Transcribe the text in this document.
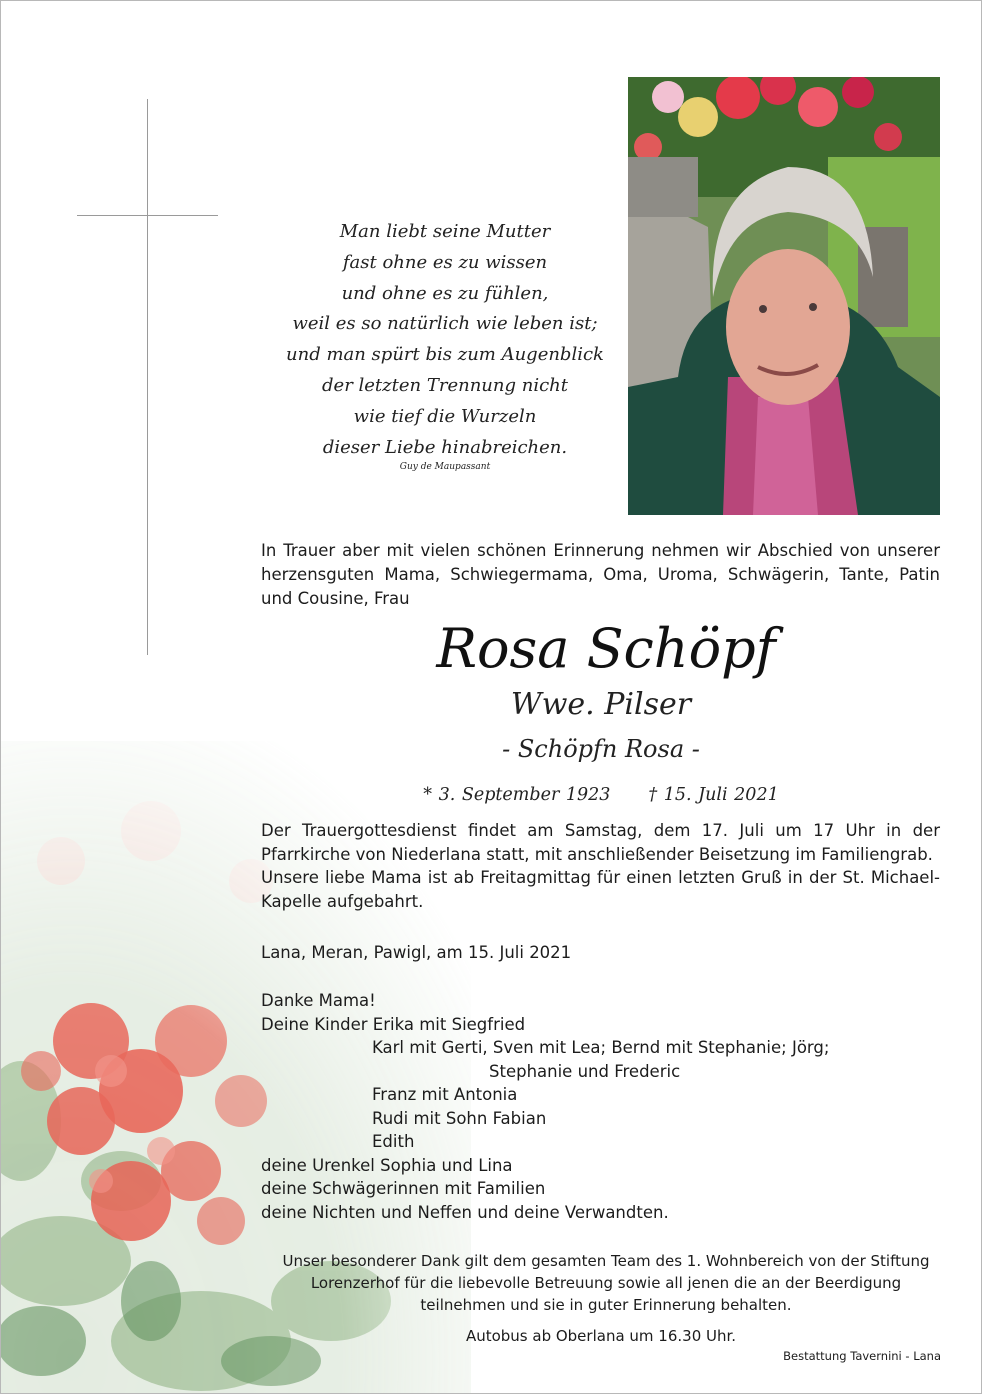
Man liebt seine Mutter
fast ohne es zu wissen
und ohne es zu fühlen,
weil es so natürlich wie leben ist;
und man spürt bis zum Augenblick
der letzten Trennung nicht
wie tief die Wurzeln
dieser Liebe hinabreichen.
Guy de Maupassant
In Trauer aber mit vielen schönen Erinnerung nehmen wir Abschied von unserer herzensguten Mama, Schwiegermama, Oma, Uroma, Schwägerin, Tante, Patin und Cousine, Frau
Rosa Schöpf
Wwe. Pilser
- Schöpfn Rosa -
* 3. September 1923 † 15. Juli 2021
Der Trauergottesdienst findet am Samstag, dem 17. Juli um 17 Uhr in der Pfarrkirche von Niederlana statt, mit anschließender Beisetzung im Familiengrab.
Unsere liebe Mama ist ab Freitagmittag für einen letzten Gruß in der St. Michael-Kapelle aufgebahrt.
Lana, Meran, Pawigl, am 15. Juli 2021
Danke Mama!
Deine Kinder Erika mit Siegfried
Karl mit Gerti, Sven mit Lea; Bernd mit Stephanie; Jörg;
Stephanie und Frederic
Franz mit Antonia
Rudi mit Sohn Fabian
Edith
deine Urenkel Sophia und Lina
deine Schwägerinnen mit Familien
deine Nichten und Neffen und deine Verwandten.
Unser besonderer Dank gilt dem gesamten Team des 1. Wohnbereich von der Stiftung Lorenzerhof für die liebevolle Betreuung sowie all jenen die an der Beerdigung teilnehmen und sie in guter Erinnerung behalten.
Autobus ab Oberlana um 16.30 Uhr.
Bestattung Tavernini - Lana
